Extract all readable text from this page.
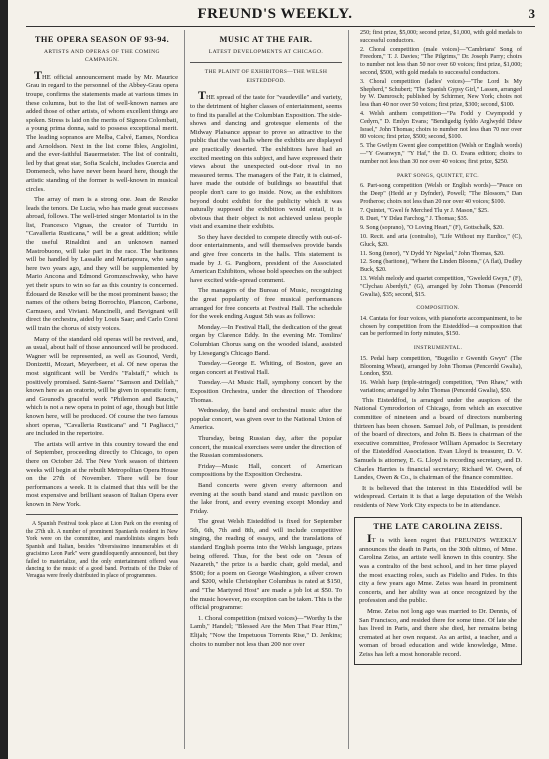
FREUND'S WEEKLY.	3
THE OPERA SEASON OF 93-94.
ARTISTS AND OPERAS OF THE COMING CAMPAIGN.

THE official announcement made by Mr. Maurice Grau in regard to the personnel of the Abbey-Grau opera troupe, confirms the statements made at various times in these columns, but to the list of well-known names are added those of other artists, of whom excellent things are spoken. Stress is laid on the merits of Signora Colombati, a young prima donna, said to possess exceptional merit. The leading sopranos are Melba, Calvé, Eames, Nordica and Arnoldson. Next in the list come Ibles, Angiolini, and the ever-faithful Bauermeister. The list of contralti, led by that great star, Sofia Scalchi, includes Guercia and Domenech, who have never been heard here, though the artistic standing of the former is well-known in musical circles.

The array of men is a strong one. Jean de Reszke leads the tenors. De Lucia, who has made great successes abroad, follows. The well-tried singer Montariol is in the list, Francesco Vignas, the creator of Turridu in "Cavalleria Rusticana," will be a great addition; while the useful Rinaldini and an unknown named Mastrobuono, will take part in the race. The baritones will be handled by Lassalle and Martapoura, who sang here two years ago, and they will be supplemented by Mario Ancona and Edmond Gromzeschwsky, who have yet their spurs to win so far as this country is concerned. Édouard de Reszke will be the most prominent basso; the names of the others being Borrochio, Plancon, Carbone, Carnuseo, and Viviani. Mancinelli, and Bevignani will direct the orchestra, aided by Louis Saar; and Carlo Corsi will train the chorus of sixty voices.

Many of the standard old operas will be revived, and, as usual, about half of those announced will be produced. Wagner will be represented, as well as Gounod, Verdi, Donizetti, Mozart, Meyerbeer, et al. Of new operas the most significant will be Verdi's "Falstaff," which is positively promised. Saint-Saens' "Samson and Delilah," known here as an oratorio, will be given in operatic form, and Gounod's graceful work "Philemon and Baucis," which is not a new opera in point of age, though but little known here, will be produced. Of course the two famous short operas, "Cavalleria Rusticana" and "I Pagliacci," are included in the repertoire.

The artists will arrive in this country toward the end of September, proceeding directly to Chicago, to open there on October 2d. The New York season of thirteen weeks will begin at the rebuilt Metropolitan Opera House on the 27th of November. There will be four performances a week. It is claimed that this will be the most expensive and brilliant season of Italian Opera ever known in New York.

A Spanish Festival took place at Lion Park on the evening of the 27th ult. A number of prominent Spaniards resident in New York were on the committee, and mandolinists singers both Spanish and Italian, besides "diversissimo innumerables et di gracisimo Leon Park" were grandiloquently announced, but they failed to materialize, and the only entertainment offered was dancing to the music of a good band. Portraits of the Duke of Veragua were freely distributed in place of programmes.

MUSIC AT THE FAIR.
LATEST DEVELOPMENTS AT CHICAGO.
THE PLAINT OF EXHIBITORS—THE WELSH EISTEDDFOD.

THE spread of the taste for "vaudeville" and variety, to the detriment of higher classes of entertainment, seems to find its parallel at the Columbian Exposition. The side-shows and dancing and grotesque elements of the Midway Plaisance appear to prove so attractive to the public that the vast halls where the exhibits are displayed are practically deserted. The exhibitors have had an excited meeting on this subject, and have expressed their views about the unexpected out-door rival in no measured terms. The managers of the Fair, it is claimed, have made the outside of buildings so beautiful that people don't care to go inside. Now, as the exhibitors beyond doubt exhibit for the publicity which it was naturally supposed the exhibition would entail, it is obvious that their object is not achieved unless people visit and examine their exhibits.

So they have decided to compete directly with out-of-door entertainments, and will themselves provide bands and give free concerts in the halls. This statement is made by J. G. Pangborn, president of the Associated American Exhibitors, whose bold speeches on the subject have excited wide-spread comment.

The managers of the Bureau of Music, recognizing the great popularity of free musical performances arranged for free concerts at Festival Hall. The schedule for the week ending August 5th was as follows:

Monday.—In Festival Hall, the dedication of the great organ by Clarence Eddy. In the evening Mr. Tomlins' Columbian Chorus sang on the wooded island, assisted by Liesegang's Chicago Band.

Tuesday.—George E. Whiting, of Boston, gave an organ concert at Festival Hall.

Tuesday.—At Music Hall, symphony concert by the Exposition Orchestra, under the direction of Theodore Thomas.

Wednesday, the band and orchestral music after the popular concert, was given over to the National Union of America.

Thursday, being Russian day, after the popular concert, the musical exercises were under the direction of the Russian commissioners.

Friday—Music Hall, concert of American compositions by the Exposition Orchestra.

Band concerts were given every afternoon and evening at the south band stand and music pavilion on the lake front, and every evening except Monday and Friday.

The great Welsh Eisteddfod is fixed for September 5th, 6th, 7th and 8th, and will include competitive singing, the reading of essays, and the translations of standard English poems into the Welsh language, prizes being offered. Thus, for the best ode on "Jesus of Nazareth," the prize is a bardic chair, gold medal, and $500; for a poem on George Washington, a silver crown and $200, while Christopher Columbus is rated at $150, and "The Martyred Host" are made a job lot at $50. To the music however, no exception can be taken. This is the official programme:

1. Choral competition (mixed voices)—"Worthy Is the Lamb," Handel; "Blessed Are the Men That Fear Him," Elijah; "Now the Impetuous Torrents Rise," D. Jenkins; choirs to number not less than 200 nor over

250; first prize, $5,000; second prize, $1,000, with gold medals to successful conductors.

2. Choral competition (male voices)—"Cambrians' Song of Freedom," T. J. Davies; "The Pilgrims," Dr. Joseph Parry; choirs to number not less than 50 nor over 60 voices; first prize, $1,000; second, $500, with gold medals to successful conductors.

3. Choral competition (ladies' voices)—"The Lord Is My Shepherd," Schubert; "The Spanish Gypsy Girl," Lassen, arranged by W. Damrosch; published by Schirmer, New York; choirs not less than 40 nor over 50 voices; first prize, $300; second, $100.

4. Welsh anthem competition—"Pa Fodd y Cwympodd y Cedyrn," D. Emlyn Evans; "Bendigedig fyddo Arglwydd Dduw Israel," John Thomas; choirs to number not less than 70 nor over 80 voices; first prize, $500; second, $100.

5. The Gwilym Gwent glee competition (Welsh or English words)—"Y Gwanwyn," "Y Haf," the D. O. Evans edition; choirs to number not less than 30 nor over 40 voices; first prize, $250.

PART SONGS, QUINTET, ETC.

6. Part-song competition (Welsh or English words)—"Peace on the Deep" (Hedd ar y Dyfnder), Powell; "The Blossom," Dan Protheroe; choirs not less than 20 nor over 40 voices; $100.

7. Quintet, "Gwel fe Merched Tlu yr J. Mason," $25.

8. Duet, "Y Ddau Farchog," J. Thomas; $35.

9. Song (soprano), "O Loving Heart," (F), Gottschalk, $20.

10. Recit. and aria (contralto), "Life Without my Eurdice," (C), Gluck, $20.

11. Song (tenor), "Y Dydd Yr Ngwlad," John Thomas, $20.

12. Song (baritone), "Where the Linden Blooms," (A flat), Dudley Buck, $20.

13. Welsh melody and quartet competition, "Gweledd Gwyn," (F), "Clychau Aberdyfi," (G), arranged by John Thomas (Pencerdd Gwalia), $35; second, $15.

COMPOSITION.

14. Cantata for four voices, with pianoforte accompaniment, to be chosen by competition from the Eisteddfod—a composition that can be performed in forty minutes, $150.

INSTRUMENTAL.

15. Pedal harp competition, "Bugeilio r Gwenith Gwyn" (The Blooming Wheat), arranged by John Thomas (Pencerdd Gwalia), London, $50.

16. Welsh harp (triple-stringed) competition, "Pen Rhaw," with variations; arranged by John Thomas (Pencerdd Gwalia), $50.

This Eisteddfod, is arranged under the auspices of the National Cymrodorion of Chicago, from which an executive committee of nineteen and a board of directors numbering thirteen has been chosen. Samuel Job, of Pullman, is president of the board of directors, and John B. Bees is chairman of the executive committee, Professor William Apmadoc is Secretary of the Eisteddfod Association. Evan Lloyd is treasurer, D. V. Samuels is attorney, E. G. Lloyd is recording secretary, and D. Charles Harries is financial secretary; Richard W. Owen, of Landes, Owen & Co., is chairman of the finance committee.

It is believed that the interest in this Eisteddfod will be widespread. Certain it is that a large deputation of the Welsh residents of New York City expects to be in attendance.

THE LATE CAROLINA ZEISS.

IT is with keen regret that FREUND'S WEEKLY announces the death in Paris, on the 30th ultimo, of Mme. Carolina Zeiss, an artiste well known in this country. She was a contralto of the best school, and in her time played the most exacting roles, such as Fidelio and Fides. In this city a few years ago Mme. Zeiss was heard in prominent concerts, and her ability was at once recognized by the profession and the public.

Mme. Zeiss not long ago was married to Dr. Dennis, of San Francisco, and resided there for some time. Of late she has lived in Paris, and there she died, her remains being cremated at her own request. As an artist, a teacher, and a woman of broad education and wide knowledge, Mme. Zeiss has left a most honorable record.
